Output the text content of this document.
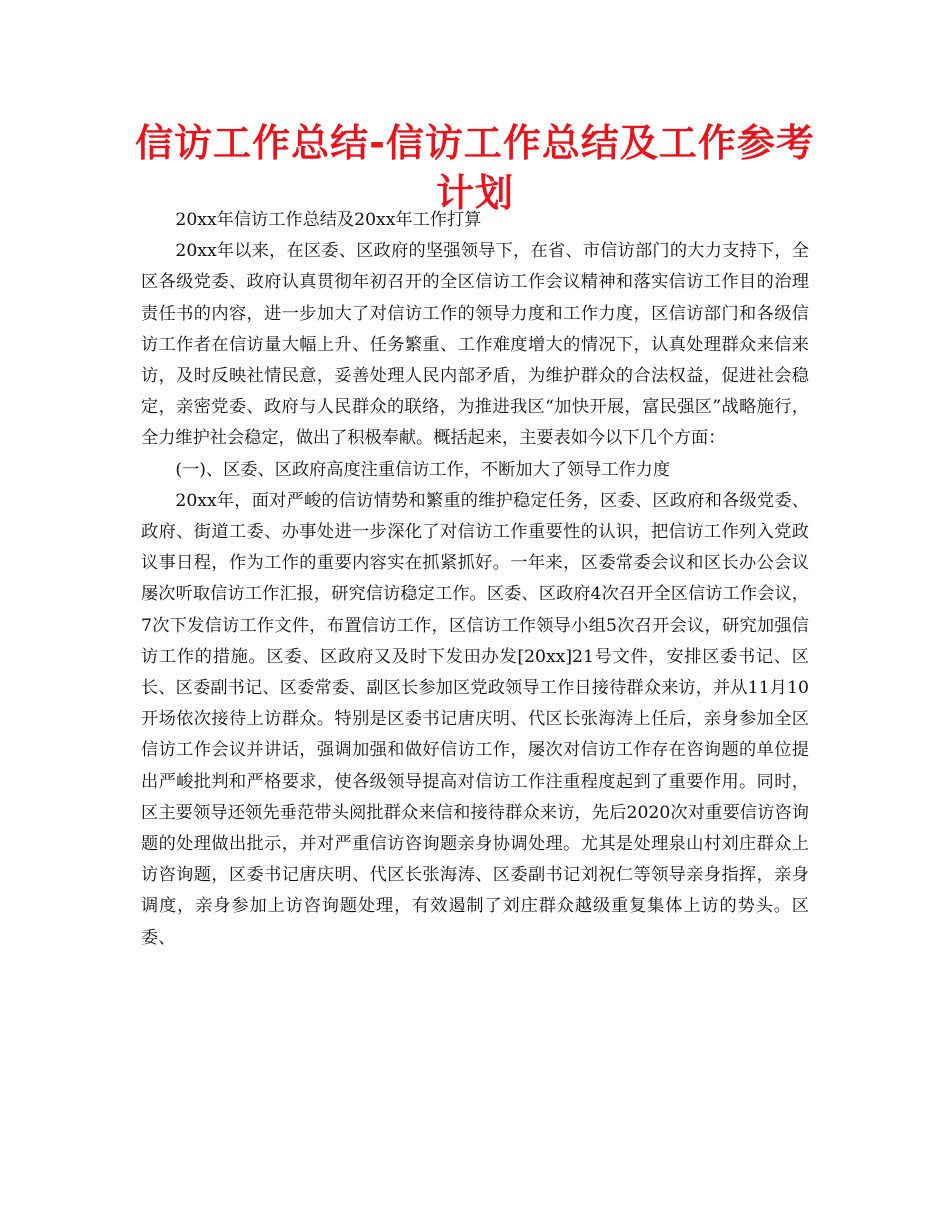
信访工作总结-信访工作总结及工作参考计划

20xx年信访工作总结及20xx年工作打算

20xx年以来，在区委、区政府的坚强领导下，在省、市信访部门的大力支持下，全区各级党委、政府认真贯彻年初召开的全区信访工作会议精神和落实信访工作目的治理责任书的内容，进一步加大了对信访工作的领导力度和工作力度，区信访部门和各级信访工作者在信访量大幅上升、任务繁重、工作难度增大的情况下，认真处理群众来信来访，及时反映社情民意，妥善处理人民内部矛盾，为维护群众的合法权益，促进社会稳定，亲密党委、政府与人民群众的联络，为推进我区“加快开展，富民强区”战略施行，全力维护社会稳定，做出了积极奉献。概括起来，主要表如今以下几个方面：

(一)、区委、区政府高度注重信访工作，不断加大了领导工作力度

20xx年，面对严峻的信访情势和繁重的维护稳定任务，区委、区政府和各级党委、政府、街道工委、办事处进一步深化了对信访工作重要性的认识，把信访工作列入党政议事日程，作为工作的重要内容实在抓紧抓好。一年来，区委常委会议和区长办公会议屡次听取信访工作汇报，研究信访稳定工作。区委、区政府4次召开全区信访工作会议，7次下发信访工作文件，布置信访工作，区信访工作领导小组5次召开会议，研究加强信访工作的措施。区委、区政府又及时下发田办发[20xx]21号文件，安排区委书记、区长、区委副书记、区委常委、副区长参加区党政领导工作日接待群众来访，并从11月10开场依次接待上访群众。特别是区委书记唐庆明、代区长张海涛上任后，亲身参加全区信访工作会议并讲话，强调加强和做好信访工作，屡次对信访工作存在咨询题的单位提出严峻批判和严格要求，使各级领导提高对信访工作注重程度起到了重要作用。同时，区主要领导还领先垂范带头阅批群众来信和接待群众来访，先后2020次对重要信访咨询题的处理做出批示，并对严重信访咨询题亲身协调处理。尤其是处理泉山村刘庄群众上访咨询题，区委书记唐庆明、代区长张海涛、区委副书记刘祝仁等领导亲身指挥，亲身调度，亲身参加上访咨询题处理，有效遏制了刘庄群众越级重复集体上访的势头。区委、
